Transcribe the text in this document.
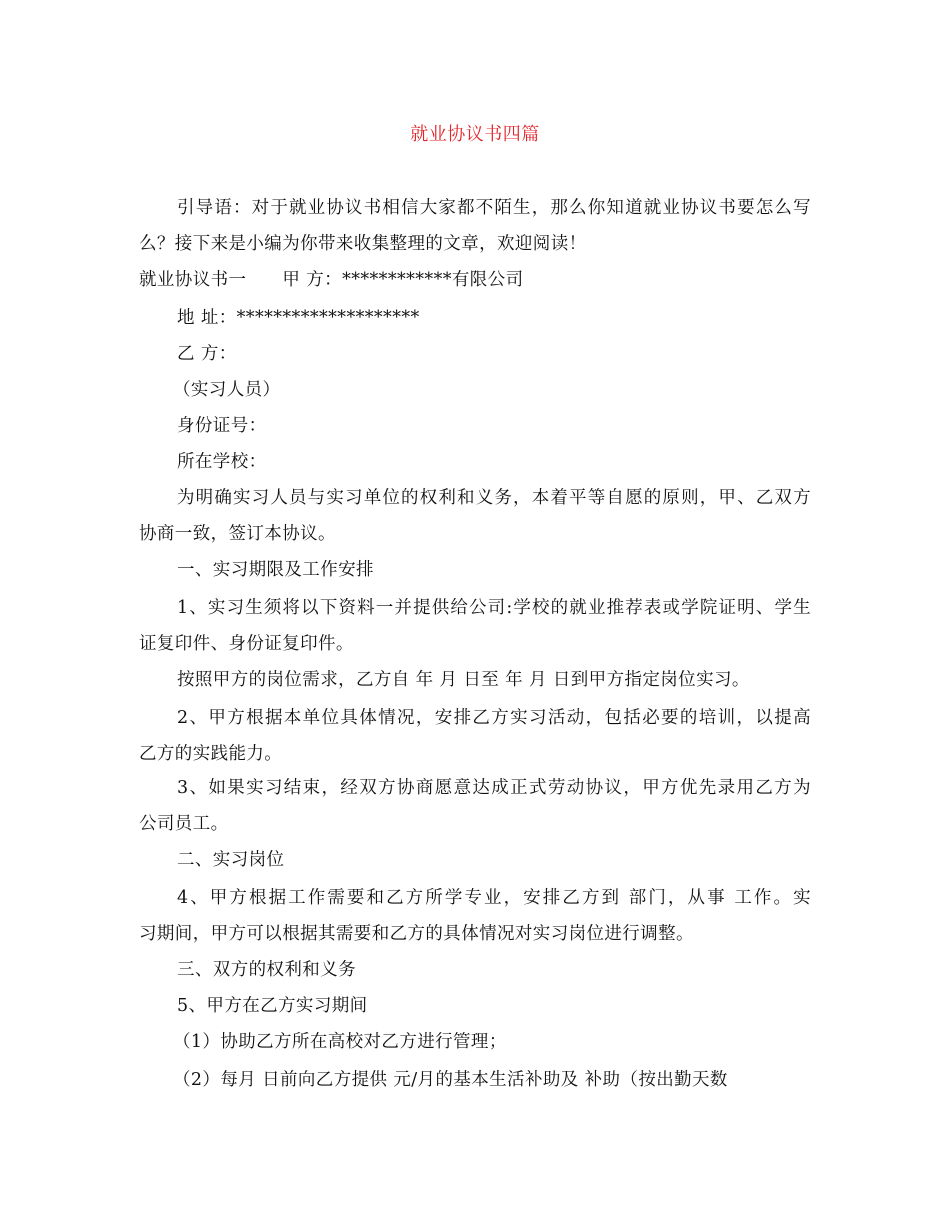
就业协议书四篇
引导语：对于就业协议书相信大家都不陌生，那么你知道就业协议书要怎么写
么？接下来是小编为你带来收集整理的文章，欢迎阅读！
就业协议书一 甲 方：************有限公司
地 址：********************
乙 方：
（实习人员）
身份证号：
所在学校：
为明确实习人员与实习单位的权利和义务，本着平等自愿的原则，甲、乙双方
协商一致，签订本协议。
一、实习期限及工作安排
1、实习生须将以下资料一并提供给公司:学校的就业推荐表或学院证明、学生
证复印件、身份证复印件。
按照甲方的岗位需求，乙方自 年 月 日至 年 月 日到甲方指定岗位实习。
2、甲方根据本单位具体情况，安排乙方实习活动，包括必要的培训，以提高
乙方的实践能力。
3、如果实习结束，经双方协商愿意达成正式劳动协议，甲方优先录用乙方为
公司员工。
二、实习岗位
4、甲方根据工作需要和乙方所学专业，安排乙方到 部门，从事 工作。实
习期间，甲方可以根据其需要和乙方的具体情况对实习岗位进行调整。
三、双方的权利和义务
5、甲方在乙方实习期间
（1）协助乙方所在高校对乙方进行管理；
（2）每月 日前向乙方提供 元/月的基本生活补助及 补助（按出勤天数
